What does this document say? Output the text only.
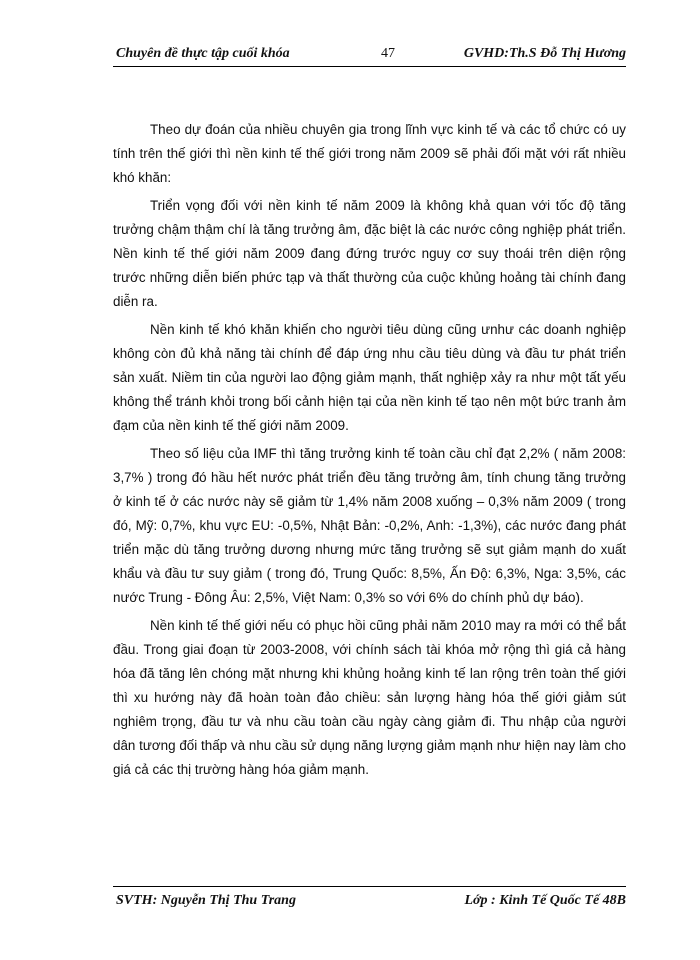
Chuyên đề thực tập cuối khóa	47	GVHD:Th.S Đỗ Thị Hương

Theo dự đoán của nhiều chuyên gia trong lĩnh vực kinh tế và các tổ chức có uy tính trên thế giới thì nền kinh tế thế giới trong năm 2009 sẽ phải đối mặt với rất nhiều khó khăn:

Triển vọng đối với nền kinh tế năm 2009 là không khả quan với tốc độ tăng trưởng chậm thậm chí là tăng trưởng âm, đặc biệt là các nước công nghiệp phát triển. Nền kinh tế thế giới năm 2009 đang đứng trước nguy cơ suy thoái trên diện rộng trước những diễn biến phức tạp và thất thường của cuộc khủng hoảng tài chính đang diễn ra.

Nền kinh tế khó khăn khiến cho người tiêu dùng cũng ưnhư các doanh nghiệp không còn đủ khả năng tài chính để đáp ứng nhu cầu tiêu dùng và đầu tư phát triển sản xuất. Niềm tin của người lao động giảm mạnh, thất nghiệp xảy ra như một tất yếu không thể tránh khỏi trong bối cảnh hiện tại của nền kinh tế tạo nên một bức tranh ảm đạm của nền kinh tế thế giới năm 2009.

Theo số liệu của IMF thì tăng trưởng kinh tế toàn cầu chỉ đạt 2,2% ( năm 2008: 3,7% ) trong đó hầu hết nước phát triển đều tăng trưởng âm, tính chung tăng trưởng ở kinh tế ở các nước này sẽ giảm từ 1,4% năm 2008 xuống – 0,3% năm 2009 ( trong đó, Mỹ: 0,7%, khu vực EU: -0,5%, Nhật Bản: -0,2%, Anh: -1,3%), các nước đang phát triển mặc dù tăng trưởng dương nhưng mức tăng trưởng sẽ sụt giảm mạnh do xuất khẩu và đầu tư suy giảm ( trong đó, Trung Quốc: 8,5%, Ấn Độ: 6,3%, Nga: 3,5%, các nước Trung - Đông Âu: 2,5%, Việt Nam: 0,3% so với 6% do chính phủ dự báo).

Nền kinh tế thế giới nếu có phục hồi cũng phải năm 2010 may ra mới có thể bắt đầu. Trong giai đoạn từ 2003-2008, với chính sách tài khóa mở rộng thì giá cả hàng hóa đã tăng lên chóng mặt nhưng khi khủng hoảng kinh tế lan rộng trên toàn thế giới thì xu hướng này đã hoàn toàn đảo chiều: sản lượng hàng hóa thế giới giảm sút nghiêm trọng, đầu tư và nhu cầu toàn cầu ngày càng giảm đi. Thu nhập của người dân tương đối thấp và nhu cầu sử dụng năng lượng giảm mạnh như hiện nay làm cho giá cả các thị trường hàng hóa giảm mạnh.

SVTH: Nguyễn Thị Thu Trang	Lớp : Kinh Tế Quốc Tế 48B
